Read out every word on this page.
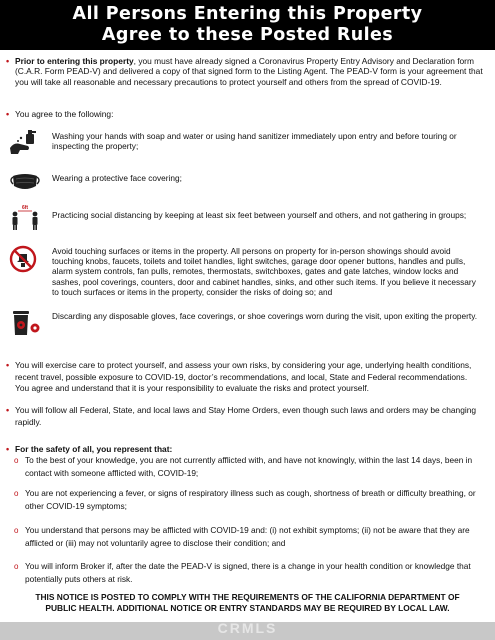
All Persons Entering this Property
Agree to these Posted Rules
• Prior to entering this property, you must have already signed a Coronavirus Property Entry Advisory and Declaration form (C.A.R. Form PEAD-V) and delivered a copy of that signed form to the Listing Agent. The PEAD-V form is your agreement that you will take all reasonable and necessary precautions to protect yourself and others from the spread of COVID-19.
• You agree to the following:
Washing your hands with soap and water or using hand sanitizer immediately upon entry and before touring or inspecting the property;
Wearing a protective face covering;
6ft
Practicing social distancing by keeping at least six feet between yourself and others, and not gathering in groups;
Avoid touching surfaces or items in the property. All persons on property for in-person showings should avoid touching knobs, faucets, toilets and toilet handles, light switches, garage door opener buttons, handles and pulls, alarm system controls, fan pulls, remotes, thermostats, switchboxes, gates and gate latches, window locks and sashes, pool coverings, counters, door and cabinet handles, sinks, and other such items. If you believe it necessary to touch surfaces or items in the property, consider the risks of doing so; and
Discarding any disposable gloves, face coverings, or shoe coverings worn during the visit, upon exiting the property.
• You will exercise care to protect yourself, and assess your own risks, by considering your age, underlying health conditions, recent travel, possible exposure to COVID-19, doctor’s recommendations, and local, State and Federal recommendations.
You agree and understand that it is your responsibility to evaluate the risks and protect yourself.
• You will follow all Federal, State, and local laws and Stay Home Orders, even though such laws and orders may be changing rapidly.
• For the safety of all, you represent that:
o To the best of your knowledge, you are not currently afflicted with, and have not knowingly, within the last 14 days, been in contact with someone afflicted with, COVID-19;
o You are not experiencing a fever, or signs of respiratory illness such as cough, shortness of breath or difficulty breathing, or other COVID-19 symptoms;
o You understand that persons may be afflicted with COVID-19 and: (i) not exhibit symptoms; (ii) not be aware that they are afflicted or (iii) may not voluntarily agree to disclose their condition; and
o You will inform Broker if, after the date the PEAD-V is signed, there is a change in your health condition or knowledge that potentially puts others at risk.
THIS NOTICE IS POSTED TO COMPLY WITH THE REQUIREMENTS OF THE CALIFORNIA DEPARTMENT OF PUBLIC HEALTH. ADDITIONAL NOTICE OR ENTRY STANDARDS MAY BE REQUIRED BY LOCAL LAW.
CRMLS
